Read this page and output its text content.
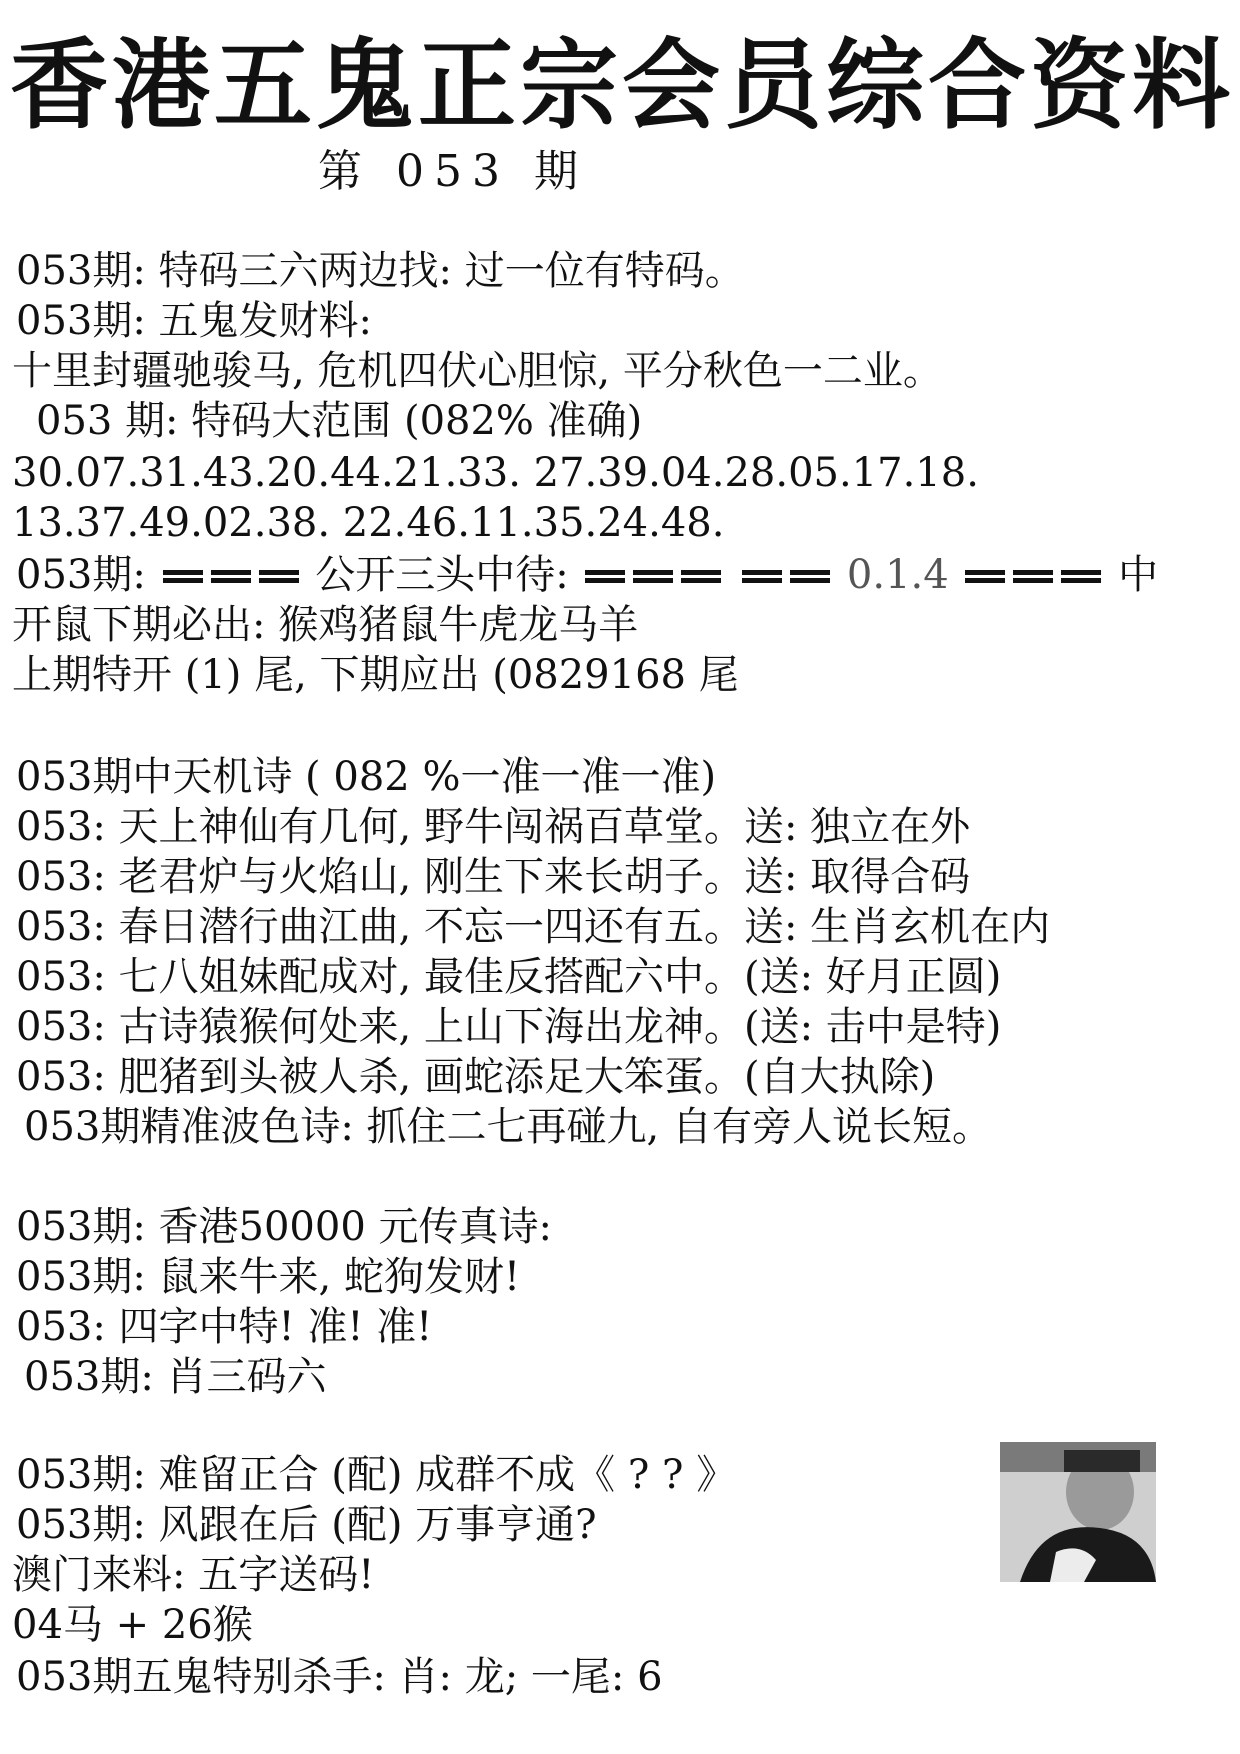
香港五鬼正宗会员综合资料
第 053 期
053期: 特码三六两边找: 过一位有特码。
053期: 五鬼发财料:
十里封疆驰骏马, 危机四伏心胆惊, 平分秋色一二业。
053 期: 特码大范围 (082% 准确)
30.07.31.43.20.44.21.33. 27.39.04.28.05.17.18.
13.37.49.02.38. 22.46.11.35.24.48.
053期:	公开三头中待:	0.1.4	中
开鼠下期必出: 猴鸡猪鼠牛虎龙马羊
上期特开 (1) 尾, 下期应出 (0829168 尾
053期中天机诗 ( 082 %一准一准一准)
053: 天上神仙有几何, 野牛闯祸百草堂。送: 独立在外
053: 老君炉与火焰山, 刚生下来长胡子。送: 取得合码
053: 春日潜行曲江曲, 不忘一四还有五。送: 生肖玄机在内
053: 七八姐妹配成对, 最佳反搭配六中。(送: 好月正圆)
053: 古诗猿猴何处来, 上山下海出龙神。(送: 击中是特)
053: 肥猪到头被人杀, 画蛇添足大笨蛋。(自大执除)
053期精准波色诗: 抓住二七再碰九, 自有旁人说长短。
053期: 香港50000 元传真诗:
053期: 鼠来牛来, 蛇狗发财!
053: 四字中特! 准! 准!
053期: 肖三码六
053期: 难留正合 (配) 成群不成《 ? ? 》
053期: 风跟在后 (配) 万事亨通?
澳门来料: 五字送码!
04马 + 26猴
053期五鬼特别杀手: 肖: 龙; 一尾: 6
